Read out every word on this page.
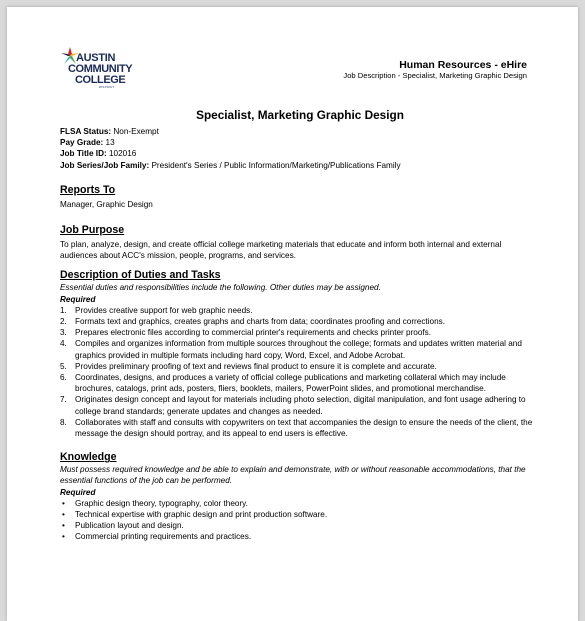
AUSTIN
COMMUNITY
COLLEGE
DISTRICT
Human Resources - eHire
Job Description - Specialist, Marketing Graphic Design
Specialist, Marketing Graphic Design
FLSA Status: Non-Exempt
Pay Grade: 13
Job Title ID: 102016
Job Series/Job Family: President's Series / Public Information/Marketing/Publications Family
Reports To

Manager, Graphic Design

Job Purpose

To plan, analyze, design, and create official college marketing materials that educate and inform both internal and external audiences about ACC's mission, people, programs, and services.

Description of Duties and Tasks

Essential duties and responsibilities include the following. Other duties may be assigned.

Required

1. Provides creative support for web graphic needs.
2. Formats text and graphics, creates graphs and charts from data; coordinates proofing and corrections.
3. Prepares electronic files according to commercial printer's requirements and checks printer proofs.
4. Compiles and organizes information from multiple sources throughout the college; formats and updates written material and graphics provided in multiple formats including hard copy, Word, Excel, and Adobe Acrobat.
5. Provides preliminary proofing of text and reviews final product to ensure it is complete and accurate.
6. Coordinates, designs, and produces a variety of official college publications and marketing collateral which may include brochures, catalogs, print ads, posters, fliers, booklets, mailers, PowerPoint slides, and promotional merchandise.
7. Originates design concept and layout for materials including photo selection, digital manipulation, and font usage adhering to college brand standards; generate updates and changes as needed.
8. Collaborates with staff and consults with copywriters on text that accompanies the design to ensure the needs of the client, the message the design should portray, and its appeal to end users is effective.
Knowledge

Must possess required knowledge and be able to explain and demonstrate, with or without reasonable accommodations, that the essential functions of the job can be performed.

Required

• Graphic design theory, typography, color theory.
• Technical expertise with graphic design and print production software.
• Publication layout and design.
• Commercial printing requirements and practices.
